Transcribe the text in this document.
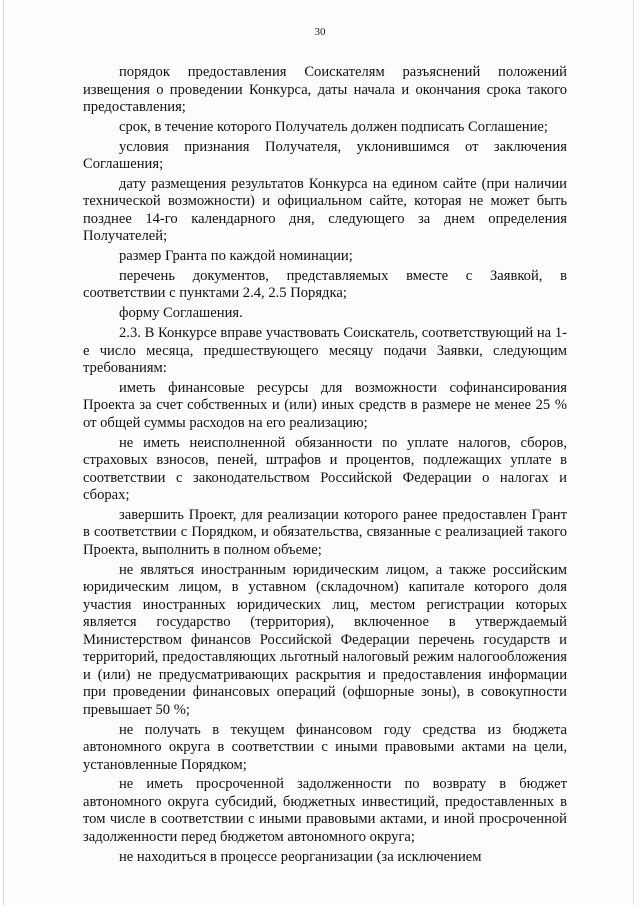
30

порядок предоставления Соискателям разъяснений положений извещения о проведении Конкурса, даты начала и окончания срока такого предоставления;

срок, в течение которого Получатель должен подписать Соглашение;

условия признания Получателя, уклонившимся от заключения Соглашения;

дату размещения результатов Конкурса на едином сайте (при наличии технической возможности) и официальном сайте, которая не может быть позднее 14-го календарного дня, следующего за днем определения Получателей;

размер Гранта по каждой номинации;

перечень документов, представляемых вместе с Заявкой, в соответствии с пунктами 2.4, 2.5 Порядка;

форму Соглашения.

2.3. В Конкурсе вправе участвовать Соискатель, соответствующий на 1-е число месяца, предшествующего месяцу подачи Заявки, следующим требованиям:

иметь финансовые ресурсы для возможности софинансирования Проекта за счет собственных и (или) иных средств в размере не менее 25 % от общей суммы расходов на его реализацию;

не иметь неисполненной обязанности по уплате налогов, сборов, страховых взносов, пеней, штрафов и процентов, подлежащих уплате в соответствии с законодательством Российской Федерации о налогах и сборах;

завершить Проект, для реализации которого ранее предоставлен Грант в соответствии с Порядком, и обязательства, связанные с реализацией такого Проекта, выполнить в полном объеме;

не являться иностранным юридическим лицом, а также российским юридическим лицом, в уставном (складочном) капитале которого доля участия иностранных юридических лиц, местом регистрации которых является государство (территория), включенное в утверждаемый Министерством финансов Российской Федерации перечень государств и территорий, предоставляющих льготный налоговый режим налогообложения и (или) не предусматривающих раскрытия и предоставления информации при проведении финансовых операций (офшорные зоны), в совокупности превышает 50 %;

не получать в текущем финансовом году средства из бюджета автономного округа в соответствии с иными правовыми актами на цели, установленные Порядком;

не иметь просроченной задолженности по возврату в бюджет автономного округа субсидий, бюджетных инвестиций, предоставленных в том числе в соответствии с иными правовыми актами, и иной просроченной задолженности перед бюджетом автономного округа;

не находиться в процессе реорганизации (за исключением
